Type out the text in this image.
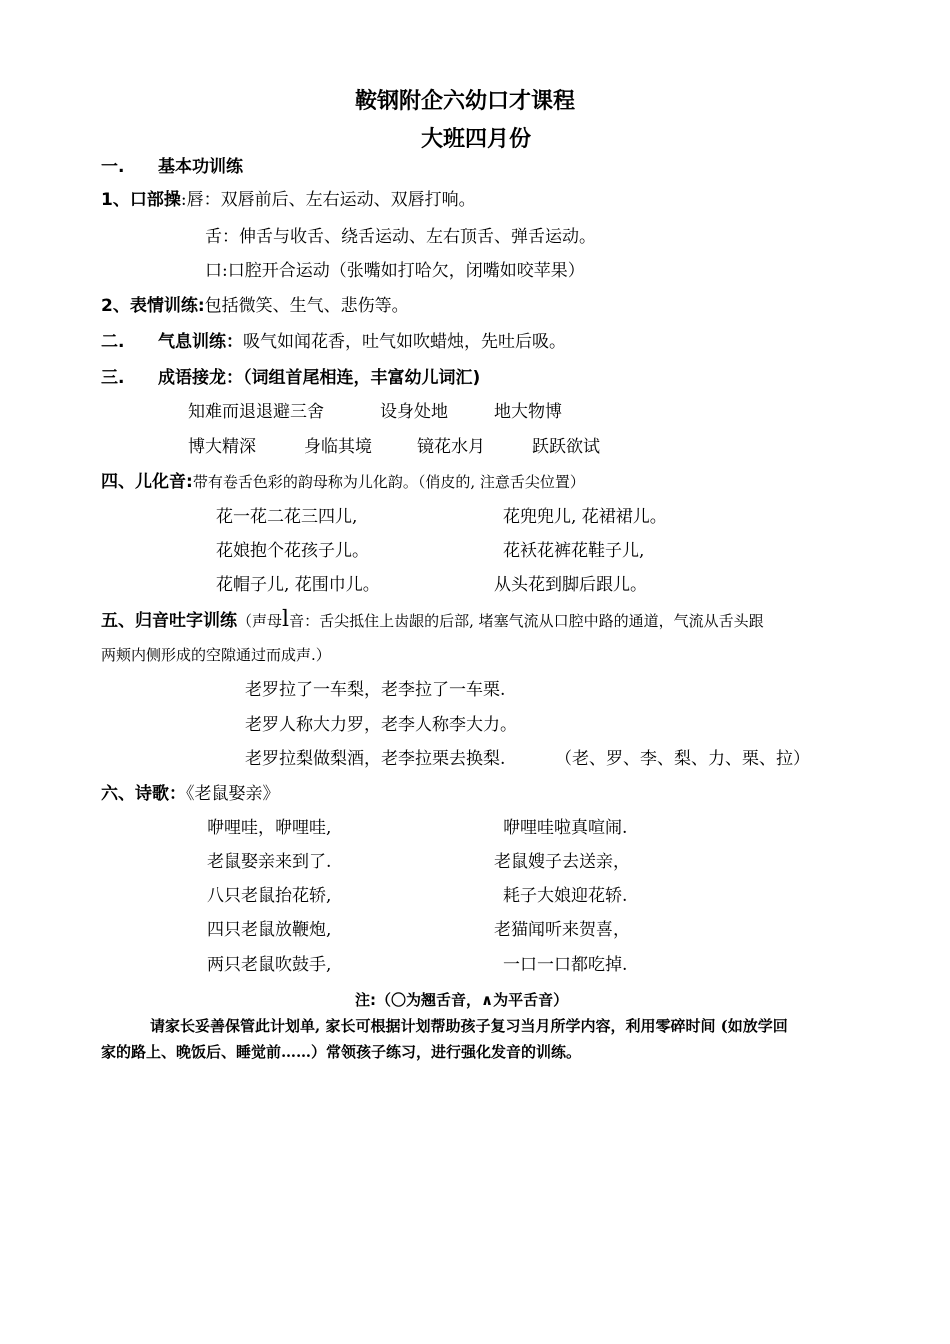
鞍钢附企六幼口才课程
大班四月份
一. 基本功训练
1、口部操:唇：双唇前后、左右运动、双唇打响。
舌：伸舌与收舌、绕舌运动、左右顶舌、弹舌运动。
口:口腔开合运动（张嘴如打哈欠，闭嘴如咬苹果）
2、表情训练:包括微笑、生气、悲伤等。
二. 气息训练：吸气如闻花香，吐气如吹蜡烛，先吐后吸。
三. 成语接龙：（词组首尾相连，丰富幼儿词汇)
知难而退退避三舍	设身处地	地大物博
博大精深	身临其境	镜花水月	跃跃欲试
四、儿化音:带有卷舌色彩的韵母称为儿化韵。（俏皮的, 注意舌尖位置）
花一花二花三四儿,	花兜兜儿, 花裙裙儿。
花娘抱个花孩子儿。	花袄花裤花鞋子儿,
花帽子儿, 花围巾儿。	从头花到脚后跟儿。
五、归音吐字训练（声母l音：舌尖抵住上齿龈的后部, 堵塞气流从口腔中路的通道，气流从舌头跟
两颊内侧形成的空隙通过而成声.）
老罗拉了一车梨，老李拉了一车栗.
老罗人称大力罗，老李人称李大力。
老罗拉梨做梨酒，老李拉栗去换梨.	（老、罗、李、梨、力、栗、拉）
六、诗歌：《老鼠娶亲》
咿哩哇，咿哩哇,	咿哩哇啦真喧闹.
老鼠娶亲来到了.	老鼠嫂子去送亲，
八只老鼠抬花轿,	耗子大娘迎花轿.
四只老鼠放鞭炮,	老猫闻听来贺喜，
两只老鼠吹鼓手,	一口一口都吃掉.
注:（〇为翘舌音，∧为平舌音）
请家长妥善保管此计划单, 家长可根据计划帮助孩子复习当月所学内容，利用零碎时间 (如放学回
家的路上、晚饭后、睡觉前……）常领孩子练习，进行强化发音的训练。
